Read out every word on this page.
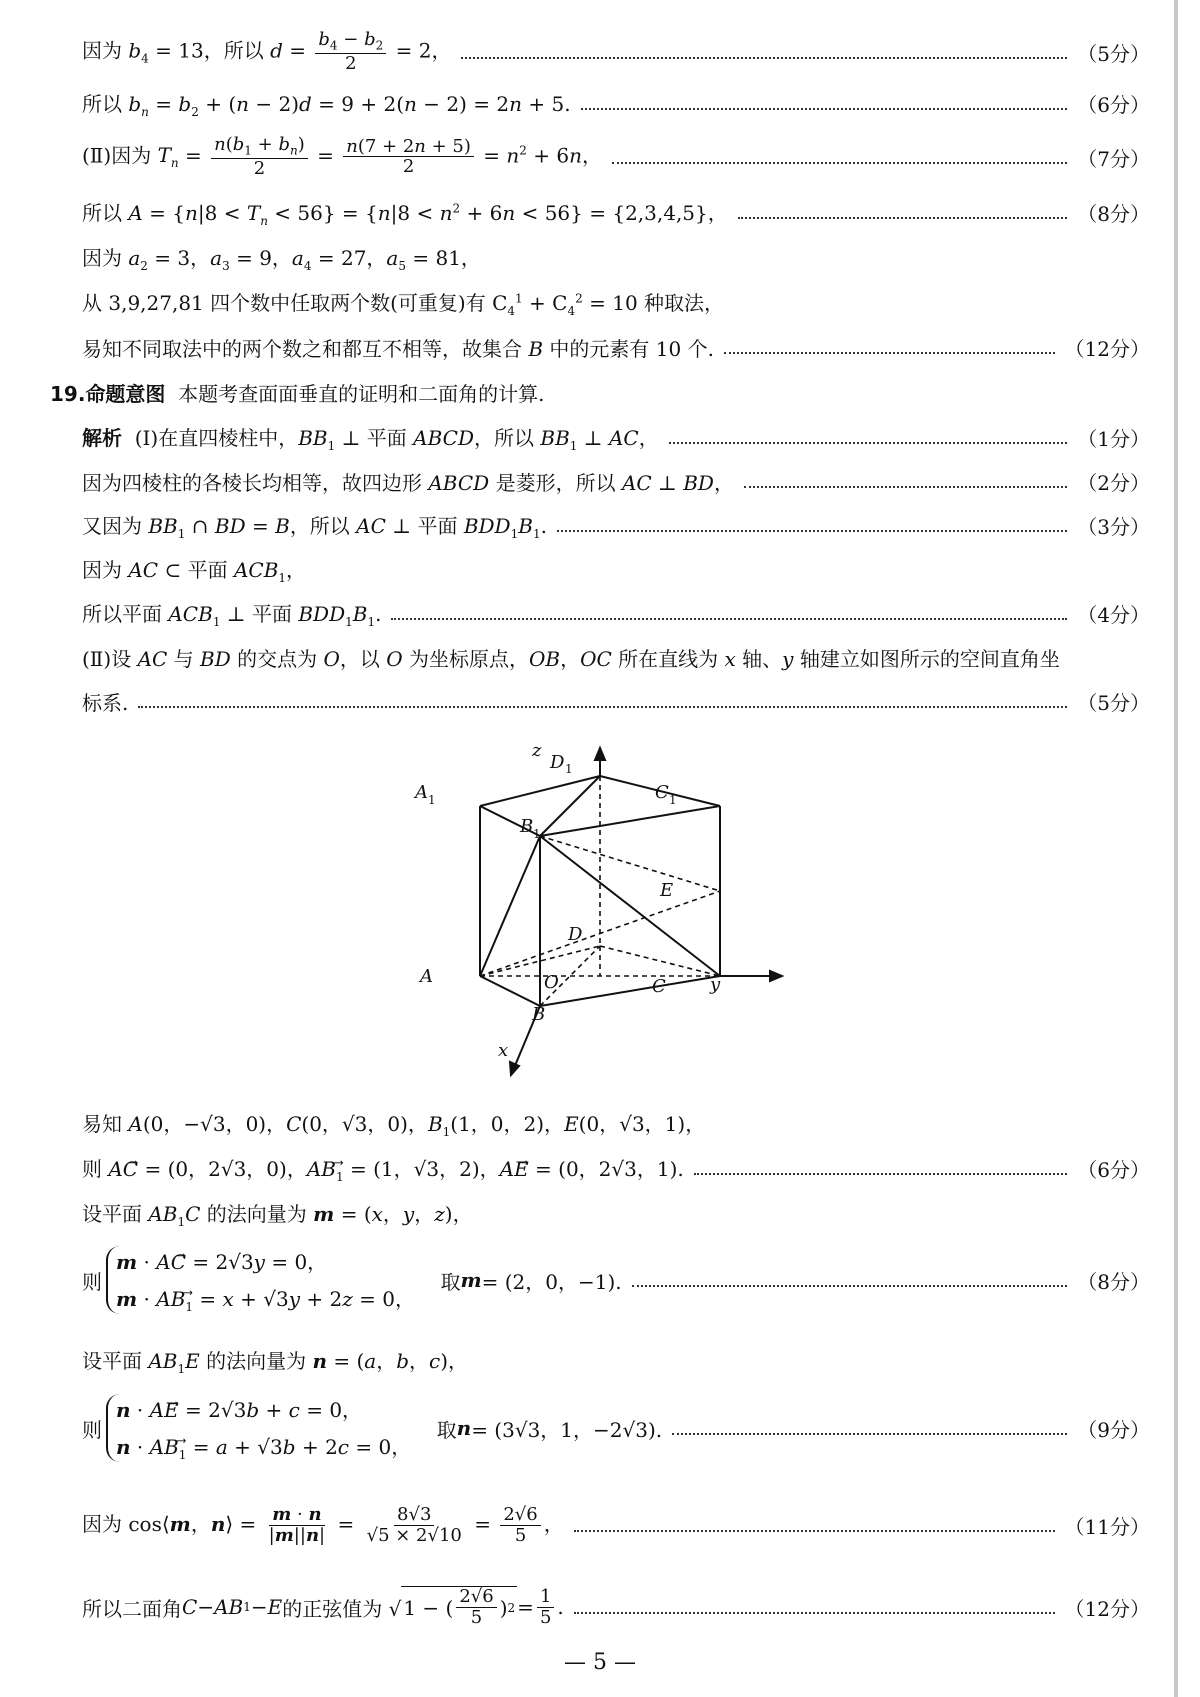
因为 $b_4 = 13$，所以 $d = \frac{b_4 - b_2}{2} = 2$，	（5分）
所以 $b_n = b_2 + (n - 2)d = 9 + 2(n - 2) = 2n + 5$.	（6分）
(Ⅱ)因为 $T_n = \frac{n(b_1 + b_n)}{2} = \frac{n(7 + 2n + 5)}{2} = n^2 + 6n$，	（7分）
所以 $A = \{n|8 < T_n < 56\} = \{n|8 < n^2 + 6n < 56\} = \{2,3,4,5\}$，	（8分）
因为 $a_2 = 3$，$a_3 = 9$，$a_4 = 27$，$a_5 = 81$，
从 3,9,27,81 四个数中任取两个数(可重复)有 $C_4^1 + C_4^2 = 10$ 种取法，
易知不同取法中的两个数之和都互不相等，故集合 B 中的元素有 10 个.	（12分）
19.命题意图 本题考查面面垂直的证明和二面角的计算.
解析  (Ⅰ)在直四棱柱中，$BB_1$ ⊥ 平面 ABCD，所以 $BB_1$ ⊥ AC，	（1分）
因为四棱柱的各棱长均相等，故四边形 ABCD 是菱形，所以 AC ⊥ BD，	（2分）
又因为 $BB_1$ ∩ BD = B，所以 AC ⊥ 平面 $BDD_1B_1$.	（3分）
因为 AC ⊂ 平面 $ACB_1$，
所以平面 $ACB_1$ ⊥ 平面 $BDD_1B_1$.	（4分）
(Ⅱ)设 AC 与 BD 的交点为 O，以 O 为坐标原点，OB，OC 所在直线为 x 轴、y 轴建立如图所示的空间直角坐
标系.	（5分）
z
D 1
A 1	C 1
B 1
E
D
A	O	C y
B
x
易知 A(0，−√3，0)，C(0，√3，0)，$B_1(1$，0，2)，E(0，√3，1)，
则 AC⃗ = (0，2√3，0)，$AB_1⃗ = (1$，√3，2)，AE⃗ = (0，2√3，1).	（6分）
设平面 $AB_1C$ 的法向量为 m = (x，y，z)，
则
m · AC⃗ = 2√3y = 0，
$m \cdot AB_1⃗ = x + √3y + 2z = 0$，
取 m = (2，0，−1).	（8分）
设平面 $AB_1E$ 的法向量为 n = (a，b，c)，
则
n · AE⃗ = 2√3b + c = 0，
$n \cdot AB_1⃗ = a + √3b + 2c = 0$，
取 n = (3√3，1，−2√3).	（9分）
因为 cos⟨m，n⟩ = $\frac{m \cdot n}{|m||n|} = \frac{8√3}{√5 \times 2√10} = \frac{2√6}{5}$ ，	（11分）
所以二面角 C − AB 1 − E 的正弦值为 √ 1 − ( $\frac{2√6}{5}$ ) $2 = \frac{1}{5}$ .	（12分）
— 5 —
